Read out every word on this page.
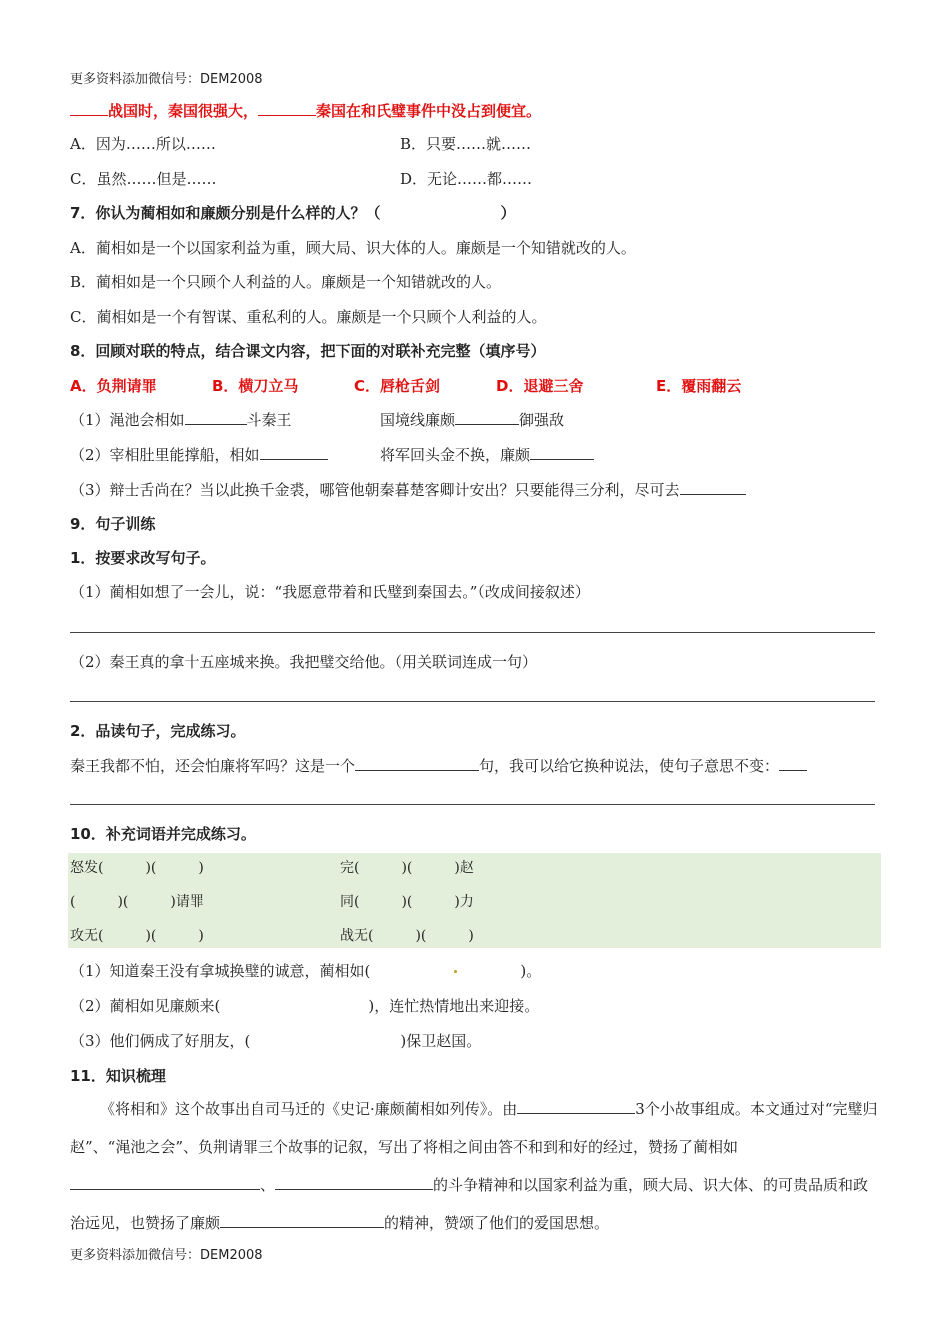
更多资料添加微信号：DEM2008
战国时，秦国很强大，	秦国在和氏璧事件中没占到便宜。
A．因为……所以……	B．只要……就……
C．虽然……但是……	D．无论……都……
7．你认为蔺相如和廉颇分别是什么样的人？（	）
A．蔺相如是一个以国家利益为重，顾大局、识大体的人。廉颇是一个知错就改的人。
B．蔺相如是一个只顾个人利益的人。廉颇是一个知错就改的人。
C．蔺相如是一个有智谋、重私利的人。廉颇是一个只顾个人利益的人。
8．回顾对联的特点，结合课文内容，把下面的对联补充完整（填序号）
A．负荆请罪	B．横刀立马	C．唇枪舌剑	D．退避三舍	E．覆雨翻云
（1）渑池会相如	斗秦王	国境线廉颇	御强敌
（2）宰相肚里能撑船，相如	将军回头金不换，廉颇
（3）辩士舌尚在？当以此换千金裘，哪管他朝秦暮楚客卿计安出？只要能得三分利，尽可去
9．句子训练
1．按要求改写句子。
（1）蔺相如想了一会儿，说：“我愿意带着和氏璧到秦国去。”（改成间接叙述）
（2）秦王真的拿十五座城来换。我把璧交给他。（用关联词连成一句）
2．品读句子，完成练习。
秦王我都不怕，还会怕廉将军吗？这是一个	句，我可以给它换种说法，使句子意思不变：
10．补充词语并完成练习。
怒发(　　　)(　　　)	完(　　　)(　　　)赵
(　　　)(　　　)请罪	同(　　　)(　　　)力
攻无(　　　)(　　　)	战无(　　　)(　　　)
（1）知道秦王没有拿城换璧的诚意，蔺相如(	)。
（2）蔺相如见廉颇来(	)，连忙热情地出来迎接。
（3）他们俩成了好朋友，(	)保卫赵国。
11．知识梳理
《将相和》这个故事出自司马迁的《史记·廉颇蔺相如列传》。由	3个小故事组成。本文通过对“完璧归赵”、“渑池之会”、负荆请罪三个故事的记叙，写出了将相之间由答不和到和好的经过，赞扬了蔺相如、	的斗争精神和以国家利益为重，顾大局、识大体、的可贵品质和政治远见，也赞扬了廉颇	的精神，赞颂了他们的爱国思想。
更多资料添加微信号：DEM2008
